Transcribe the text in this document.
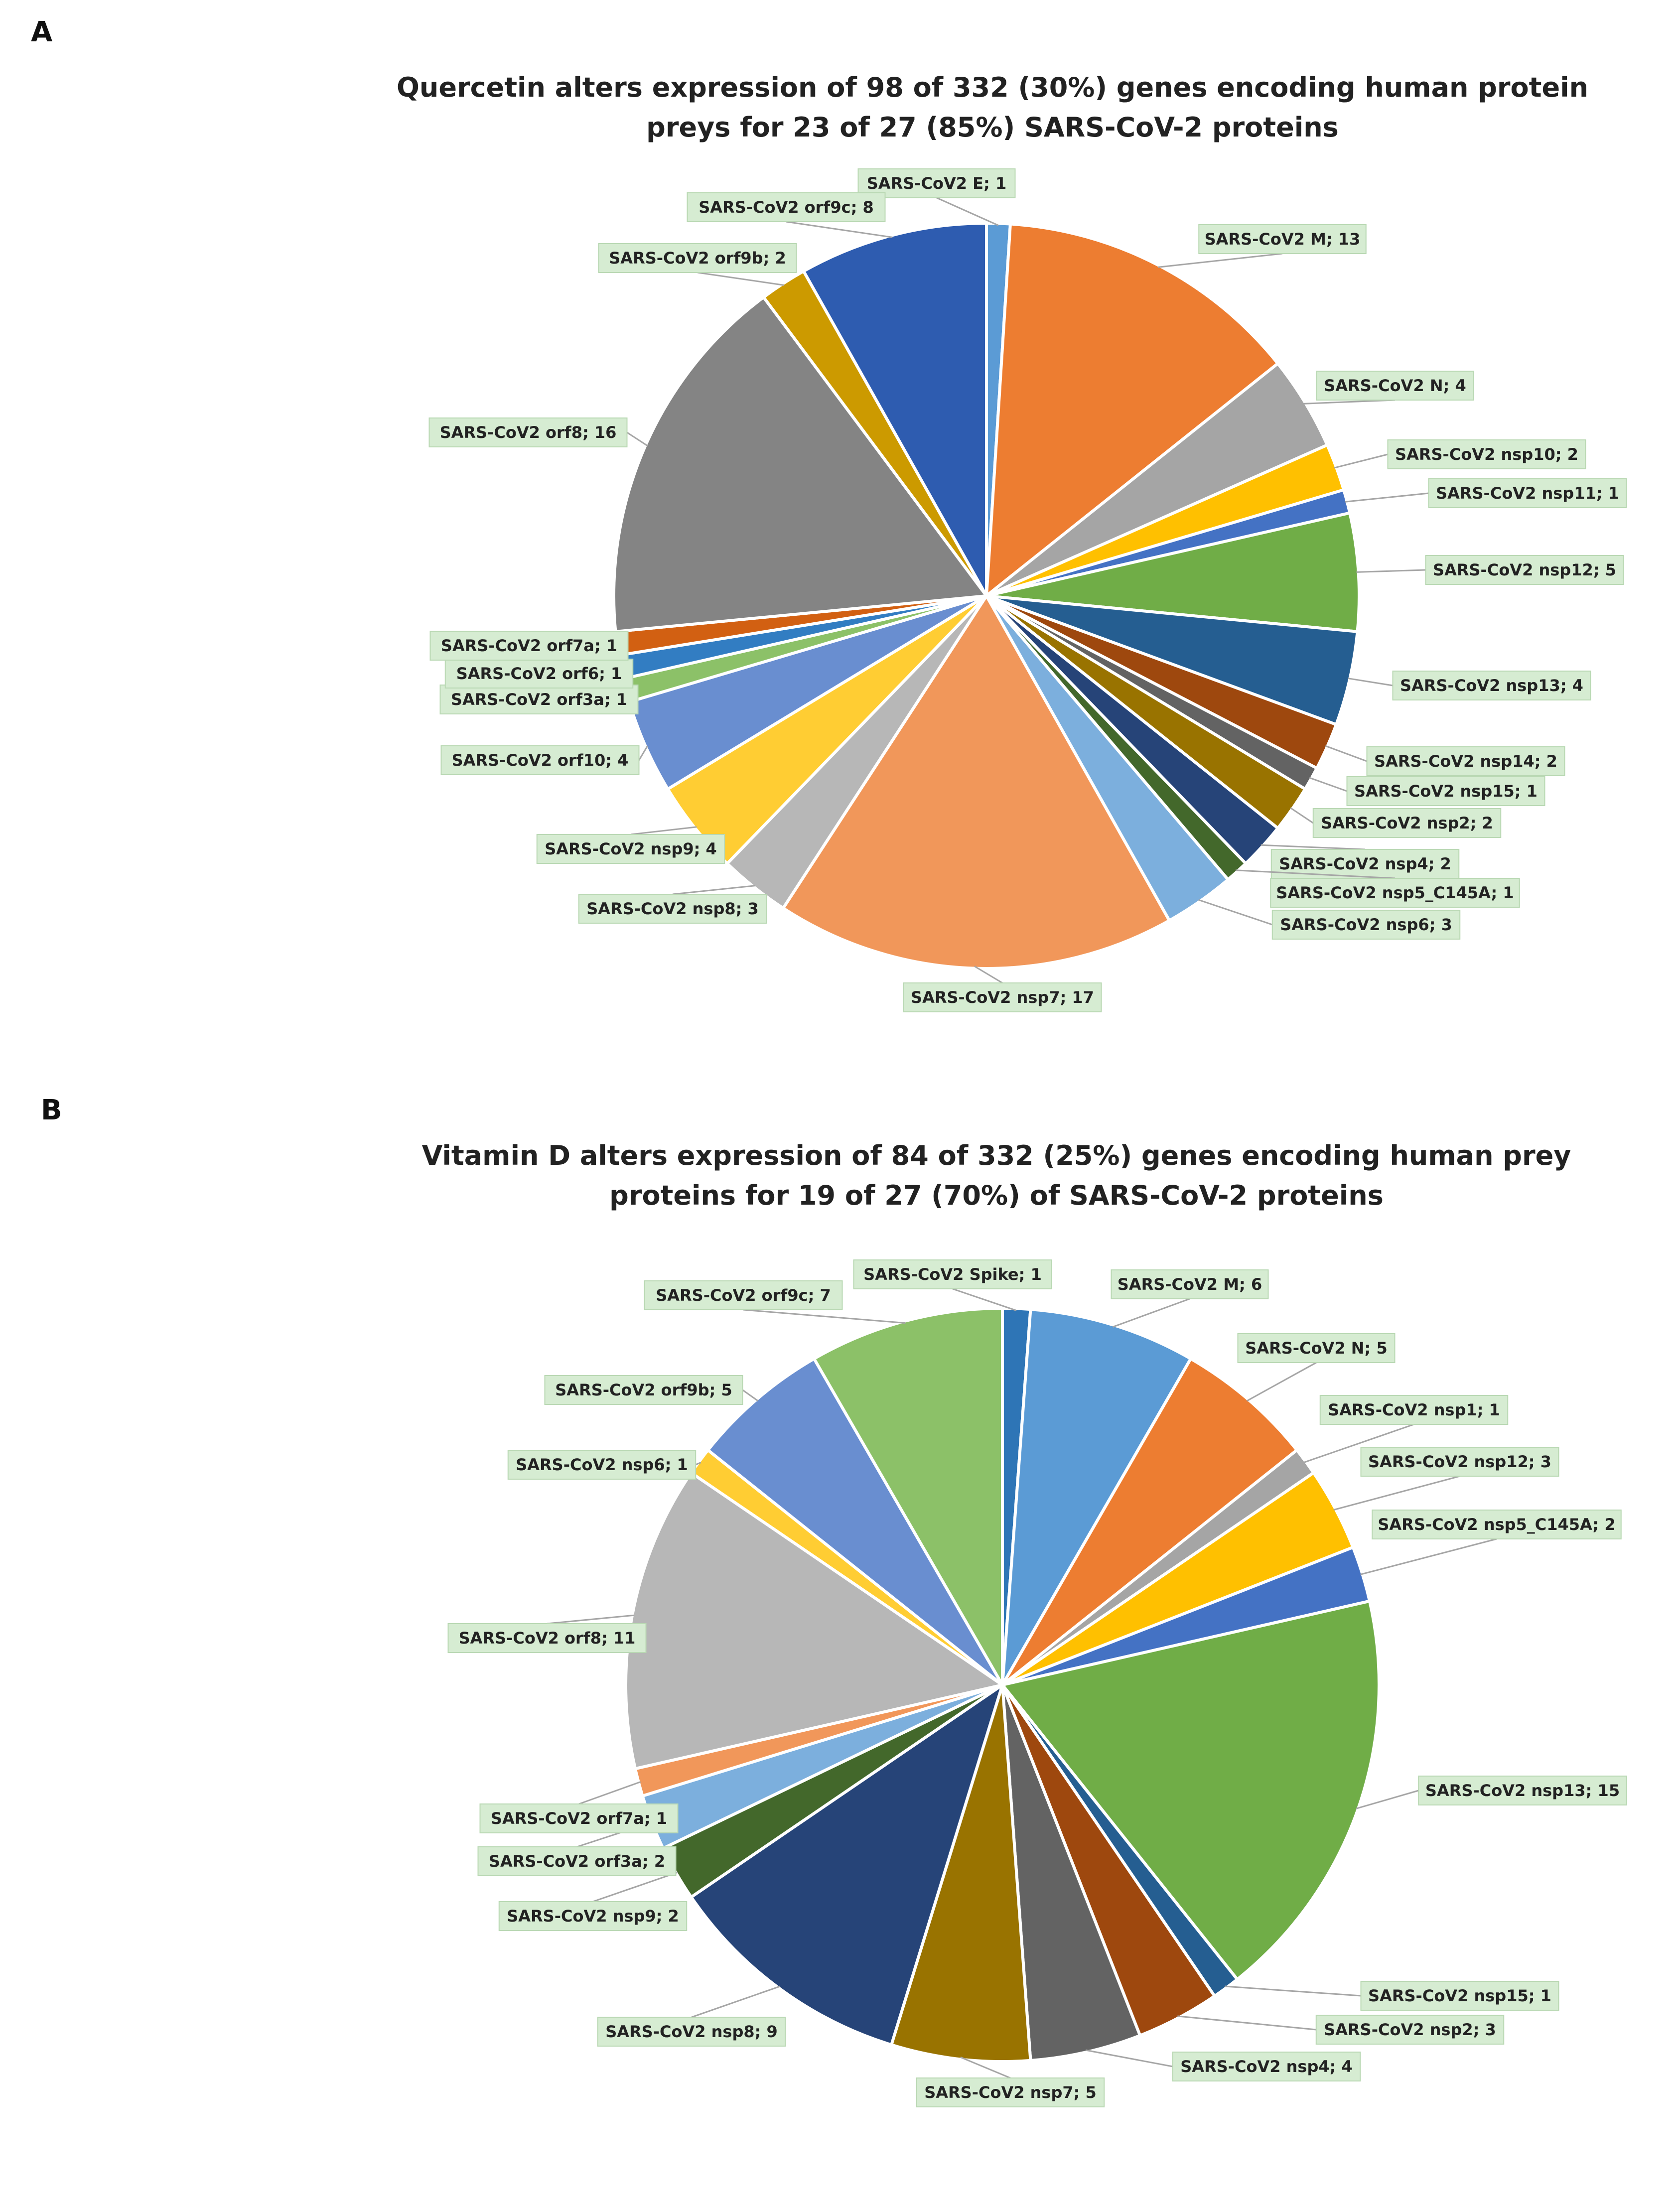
A
Quercetin alters expression of 98 of 332 (30%) genes encoding human protein
preys for 23 of 27 (85%) SARS-CoV-2 proteins
SARS-CoV2 E; 1
SARS-CoV2 M; 13
SARS-CoV2 N; 4
SARS-CoV2 nsp10; 2
SARS-CoV2 nsp11; 1
SARS-CoV2 nsp12; 5
SARS-CoV2 nsp13; 4
SARS-CoV2 nsp14; 2
SARS-CoV2 nsp15; 1
SARS-CoV2 nsp2; 2
SARS-CoV2 nsp4; 2
SARS-CoV2 nsp5_C145A; 1
SARS-CoV2 nsp6; 3
SARS-CoV2 nsp7; 17
SARS-CoV2 nsp8; 3
SARS-CoV2 nsp9; 4
SARS-CoV2 orf10; 4
SARS-CoV2 orf3a; 1
SARS-CoV2 orf6; 1
SARS-CoV2 orf7a; 1
SARS-CoV2 orf8; 16
SARS-CoV2 orf9b; 2
SARS-CoV2 orf9c; 8
B
Vitamin D alters expression of 84 of 332 (25%) genes encoding human prey
proteins for 19 of 27 (70%) of SARS-CoV-2 proteins
SARS-CoV2 Spike; 1
SARS-CoV2 M; 6
SARS-CoV2 N; 5
SARS-CoV2 nsp1; 1
SARS-CoV2 nsp12; 3
SARS-CoV2 nsp5_C145A; 2
SARS-CoV2 nsp13; 15
SARS-CoV2 nsp15; 1
SARS-CoV2 nsp2; 3
SARS-CoV2 nsp4; 4
SARS-CoV2 nsp7; 5
SARS-CoV2 nsp8; 9
SARS-CoV2 nsp9; 2
SARS-CoV2 orf3a; 2
SARS-CoV2 orf7a; 1
SARS-CoV2 orf8; 11
SARS-CoV2 nsp6; 1
SARS-CoV2 orf9b; 5
SARS-CoV2 orf9c; 7
